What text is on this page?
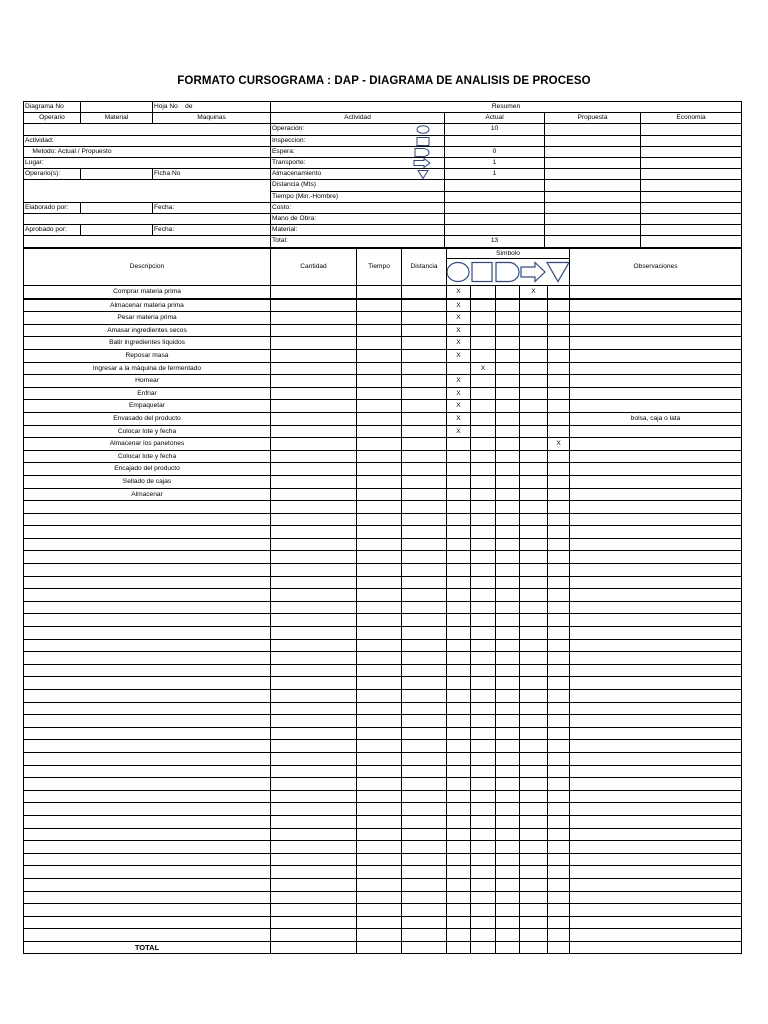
FORMATO CURSOGRAMA : DAP - DIAGRAMA DE ANALISIS DE PROCESO
Diagrama No		Hoja No de	Resumen			
Operario	Material	Maquinas	Actividad	Actual	Propuesta	Economia
			Operación:	10		
Actividad:			Inspeccion:

Metodo: Actual / Propuesto			Espera:	0		
Lugar:			Transporte:	1		
Operario(s):		Ficha No	Almacenamiento	1		
			Distancia (Mts)			
			Tiempo (Min.-Hombre)			
Elaborado por:		Fecha:	Costo:			
			Mano de Obra:			
Aprobado por:		Fecha:	Material:			
			Total:	13		
Descripcion	Cantidad	Tiempo	Distancia	Simbolo					Observaciones

Comprar materia prima				X			X		
Almacenar materia prima				X					
Pesar materia prima				X					
Amasar ingredientes secos				X					
Batir ingredientes líquidos				X					
Reposar masa				X					
Ingresar a la máquina de fermentado					X				
Hornear				X					
Enfriar				X					
Empaquetar				X					
Envasado del producto				X					bolsa, caja o lata
Colocar lote y fecha				X					
Almacenar los panetones								X	
Colocar lote y fecha									
Encajado del producto									
Sellado de cajas									
Almacenar									

TOTAL									
